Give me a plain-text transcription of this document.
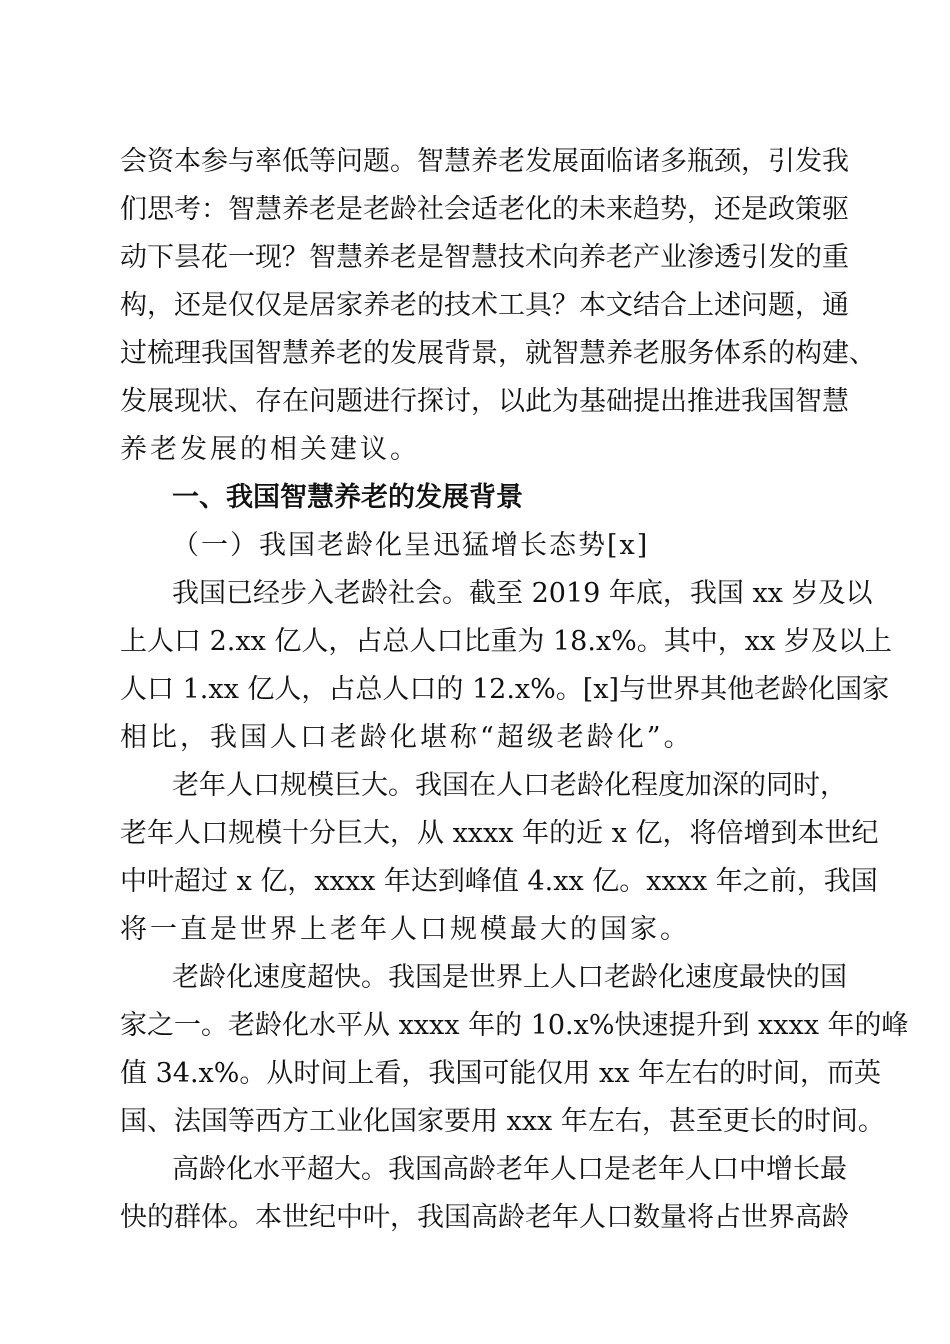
会资本参与率低等问题。智慧养老发展面临诸多瓶颈，引发我
们思考：智慧养老是老龄社会适老化的未来趋势，还是政策驱
动下昙花一现？智慧养老是智慧技术向养老产业渗透引发的重
构，还是仅仅是居家养老的技术工具？本文结合上述问题，通
过梳理我国智慧养老的发展背景，就智慧养老服务体系的构建、
发展现状、存在问题进行探讨，以此为基础提出推进我国智慧
养老发展的相关建议。
一、我国智慧养老的发展背景
（一）我国老龄化呈迅猛增长态势[x]
我国已经步入老龄社会。截至 2019 年底，我国 xx 岁及以
上人口 2.xx 亿人，占总人口比重为 18.x%。其中，xx 岁及以上
人口 1.xx 亿人，占总人口的 12.x%。[x]与世界其他老龄化国家
相比，我国人口老龄化堪称“超级老龄化”。
老年人口规模巨大。我国在人口老龄化程度加深的同时，
老年人口规模十分巨大，从 xxxx 年的近 x 亿，将倍增到本世纪
中叶超过 x 亿，xxxx 年达到峰值 4.xx 亿。xxxx 年之前，我国
将一直是世界上老年人口规模最大的国家。
老龄化速度超快。我国是世界上人口老龄化速度最快的国
家之一。老龄化水平从 xxxx 年的 10.x%快速提升到 xxxx 年的峰
值 34.x%。从时间上看，我国可能仅用 xx 年左右的时间，而英
国、法国等西方工业化国家要用 xxx 年左右，甚至更长的时间。
高龄化水平超大。我国高龄老年人口是老年人口中增长最
快的群体。本世纪中叶，我国高龄老年人口数量将占世界高龄
